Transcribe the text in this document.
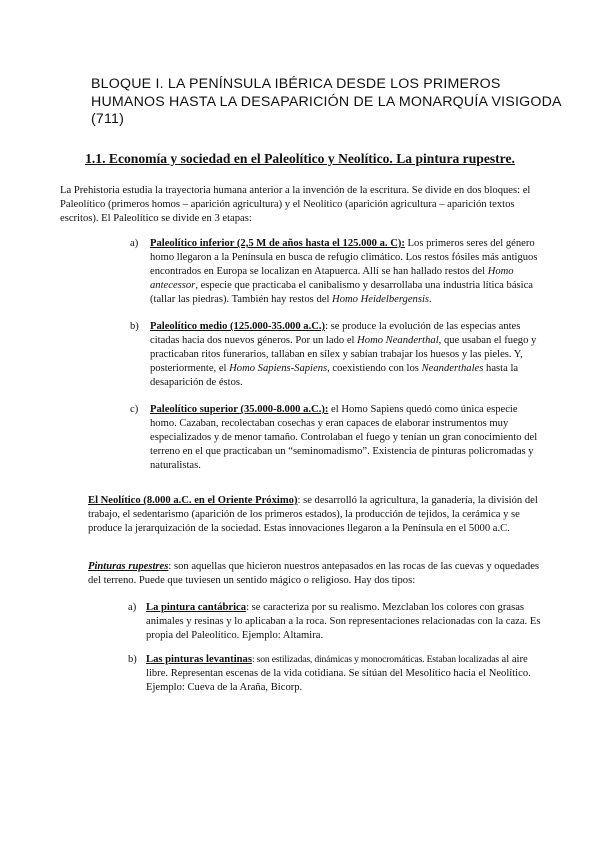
BLOQUE I. LA PENÍNSULA IBÉRICA DESDE LOS PRIMEROS HUMANOS HASTA LA DESAPARICIÓN DE LA MONARQUÍA VISIGODA (711)
1.1. Economía y sociedad en el Paleolítico y Neolítico. La pintura rupestre.

La Prehistoria estudia la trayectoria humana anterior a la invención de la escritura. Se divide en dos bloques: el Paleolítico (primeros homos – aparición agricultura) y el Neolítico (aparición agricultura – aparición textos escritos). El Paleolítico se divide en 3 etapas:

a) Paleolítico inferior (2,5 M de años hasta el 125.000 a. C): Los primeros seres del género homo llegaron a la Península en busca de refugio climático. Los restos fósiles más antiguos encontrados en Europa se localizan en Atapuerca. Allí se han hallado restos del Homo antecessor, especie que practicaba el canibalismo y desarrollaba una industria lítica básica (tallar las piedras). También hay restos del Homo Heidelbergensis.

b) Paleolítico medio (125.000-35.000 a.C.): se produce la evolución de las especias antes citadas hacia dos nuevos géneros. Por un lado el Homo Neanderthal, que usaban el fuego y practicaban ritos funerarios, tallaban en sílex y sabían trabajar los huesos y las pieles. Y, posteriormente, el Homo Sapiens-Sapiens, coexistiendo con los Neanderthales hasta la desaparición de éstos.

c) Paleolítico superior (35.000-8.000 a.C.): el Homo Sapiens quedó como única especie homo. Cazaban, recolectaban cosechas y eran capaces de elaborar instrumentos muy especializados y de menor tamaño. Controlaban el fuego y tenían un gran conocimiento del terreno en el que practicaban un “seminomadismo”. Existencia de pinturas policromadas y naturalistas.

El Neolítico (8.000 a.C. en el Oriente Próximo): se desarrolló la agricultura, la ganadería, la división del trabajo, el sedentarismo (aparición de los primeros estados), la producción de tejidos, la cerámica y se produce la jerarquización de la sociedad. Estas innovaciones llegaron a la Península en el 5000 a.C.

Pinturas rupestres: son aquellas que hicieron nuestros antepasados en las rocas de las cuevas y oquedades del terreno. Puede que tuviesen un sentido mágico o religioso. Hay dos tipos:

a) La pintura cantábrica: se caracteriza por su realismo. Mezclaban los colores con grasas animales y resinas y lo aplicaban a la roca. Son representaciones relacionadas con la caza. Es propia del Paleolítico. Ejemplo: Altamira.

b) Las pinturas levantinas: son estilizadas, dinámicas y monocromáticas. Estaban localizadas al aire libre. Representan escenas de la vida cotidiana. Se sitúan del Mesolítico hacia el Neolítico. Ejemplo: Cueva de la Araña, Bicorp.
